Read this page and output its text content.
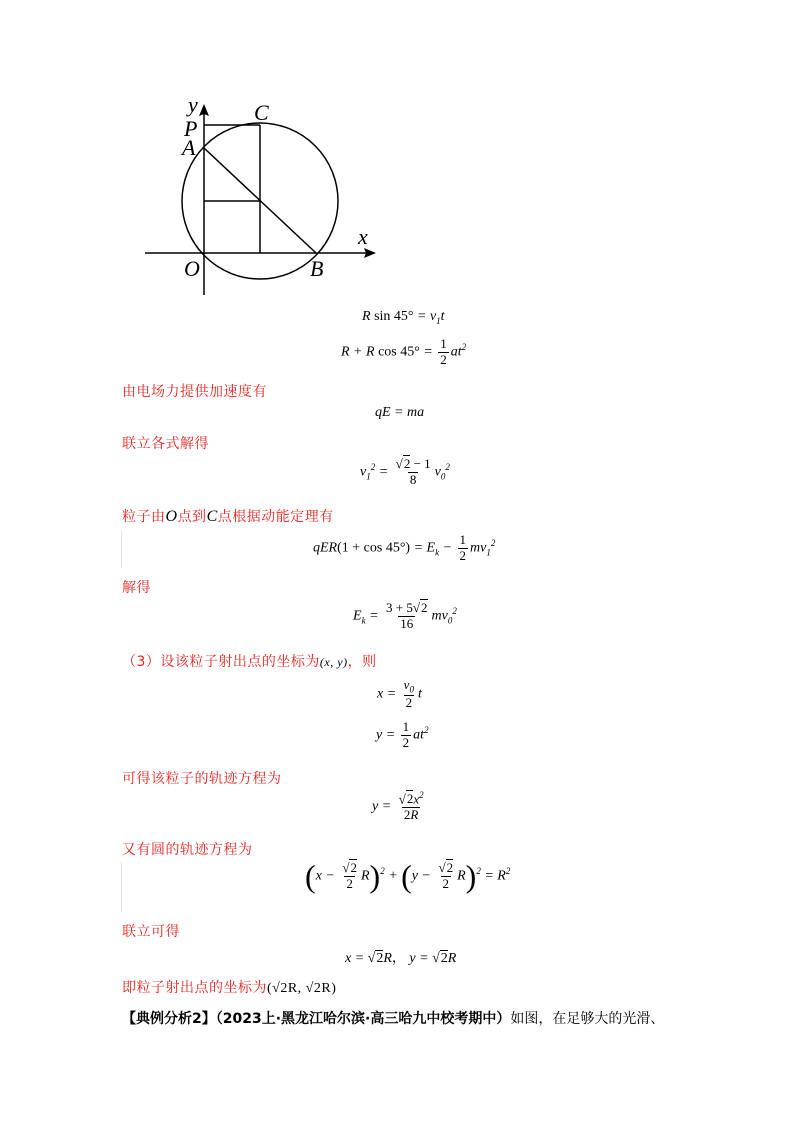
y
P
C
A
x
O	B
R $\sin 45^\circ = v_1t$
R + R $\cos 45^\circ = \frac{1}{2} at^2$
由电场力提供加速度有
qE = ma
联立各式解得
$v_1^2 = \frac{√2 - 1}{8} v_0^2$
粒子由O点到C点根据动能定理有
$qER(1 + \cos 45^\circ) = E_k - \frac{1}{2} mv_1^2$
解得
$E_k = \frac{3 + 5√2}{16} mv_0^2$
（3）设该粒子射出点的坐标为(x, y)，则
$x = \frac{v_0}{2}$ t
$y = \frac{1}{2} at^2$
可得该粒子的轨迹方程为
$y = \frac{√2x^2}{2R}$
又有圆的轨迹方程为
$(x - \frac{√2}{2} R)^2 + (y - \frac{√2}{2} R)^2 = R^2$
联立可得
x = √2R， y = √2R
即粒子射出点的坐标为(√2R, √2R)
【典例分析2】（2023上·黑龙江哈尔滨·高三哈九中校考期中）如图，在足够大的光滑、
